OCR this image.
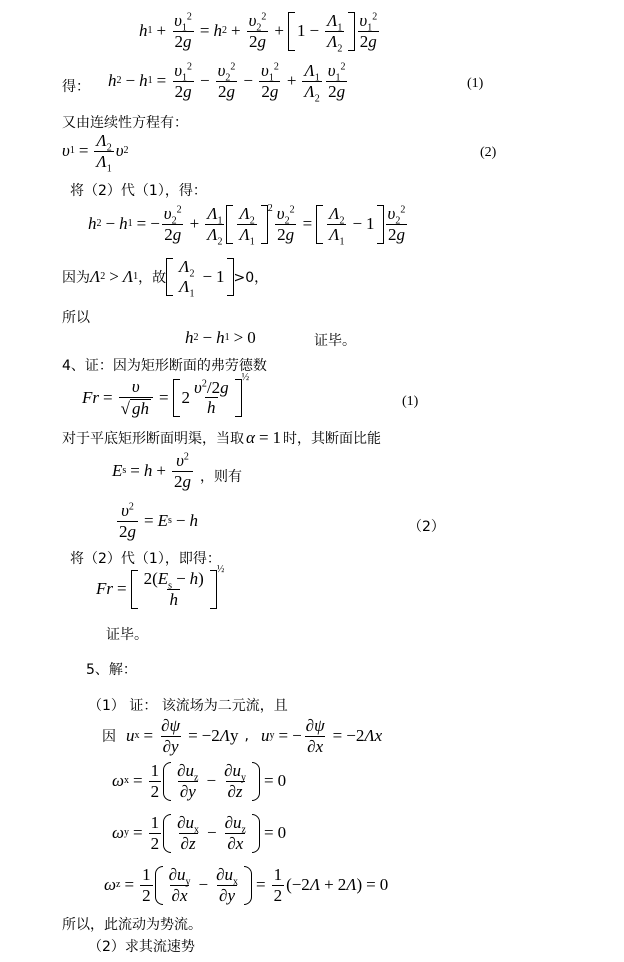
h $1 + \frac{\upsilon_1^2}{2g} = h$ $2 + \frac{\upsilon_2^2}{2g} + 1 - \frac{\Lambda_1}{\Lambda_2} \frac{\upsilon_1^2}{2g}$
得： h 2 − h $1 = \frac{\upsilon_1^2}{2g} - \frac{\upsilon_2^2}{2g} - \frac{\upsilon_1^2}{2g} + \frac{\Lambda_1}{\Lambda_2} \frac{\upsilon_1^2}{2g}$	(1)
又由连续性方程有：
υ $1 = \frac{\Lambda_2}{\Lambda_1}$ υ 2	(2)
将（2）代（1），得：
h 2 − h 1 = − $\frac{\upsilon_2^2}{2g} + \frac{\Lambda_1}{\Lambda_2} \frac{\Lambda_2}{\Lambda_1} 2 \frac{\upsilon_2^2}{2g} = \frac{\Lambda_2}{\Lambda_1} - 1 \frac{\upsilon_2^2}{2g}$
因为 Λ 2 > Λ 1 ，故
$\Lambda_2$
$\Lambda_1$
− 1 >0，
所以
h 2 − h 1 > 0	证毕。
4、证：因为矩形断面的弗劳德数
$Fr = \frac{\upsilon}{√ gh} = 2 \frac{\upsilon^2/2g}{h}$
½
(1)
对于平底矩形断面明渠，当取 α = 1 时，其断面比能
E $s = h + \frac{\upsilon^2}{2g}$ ，则有
$\frac{\upsilon^2}{2g} = E$ s − h	（2）
将（2）代（1），即得：
$Fr = \frac{2(E_s - h)}{h}$
½
证毕。
5、解：
（1） 证： 该流场为二元流，且
因 u $x = \frac{\partial\psi}{\partial y} = -2$ Λ y , u y = − $\frac{\partial\psi}{\partial x} = -2$ Λx
ω $x = \frac{1}{2} \frac{\partial u_z}{\partial y} - \frac{\partial u_y}{\partial z} = 0$
ω $y = \frac{1}{2} \frac{\partial u_x}{\partial z} - \frac{\partial u_z}{\partial x} = 0$
ω $z = \frac{1}{2} \frac{\partial u_y}{\partial x} - \frac{\partial u_x}{\partial y} = \frac{1}{2} (-2$ Λ + 2 Λ ) = 0
所以，此流动为势流。
（2）求其流速势
